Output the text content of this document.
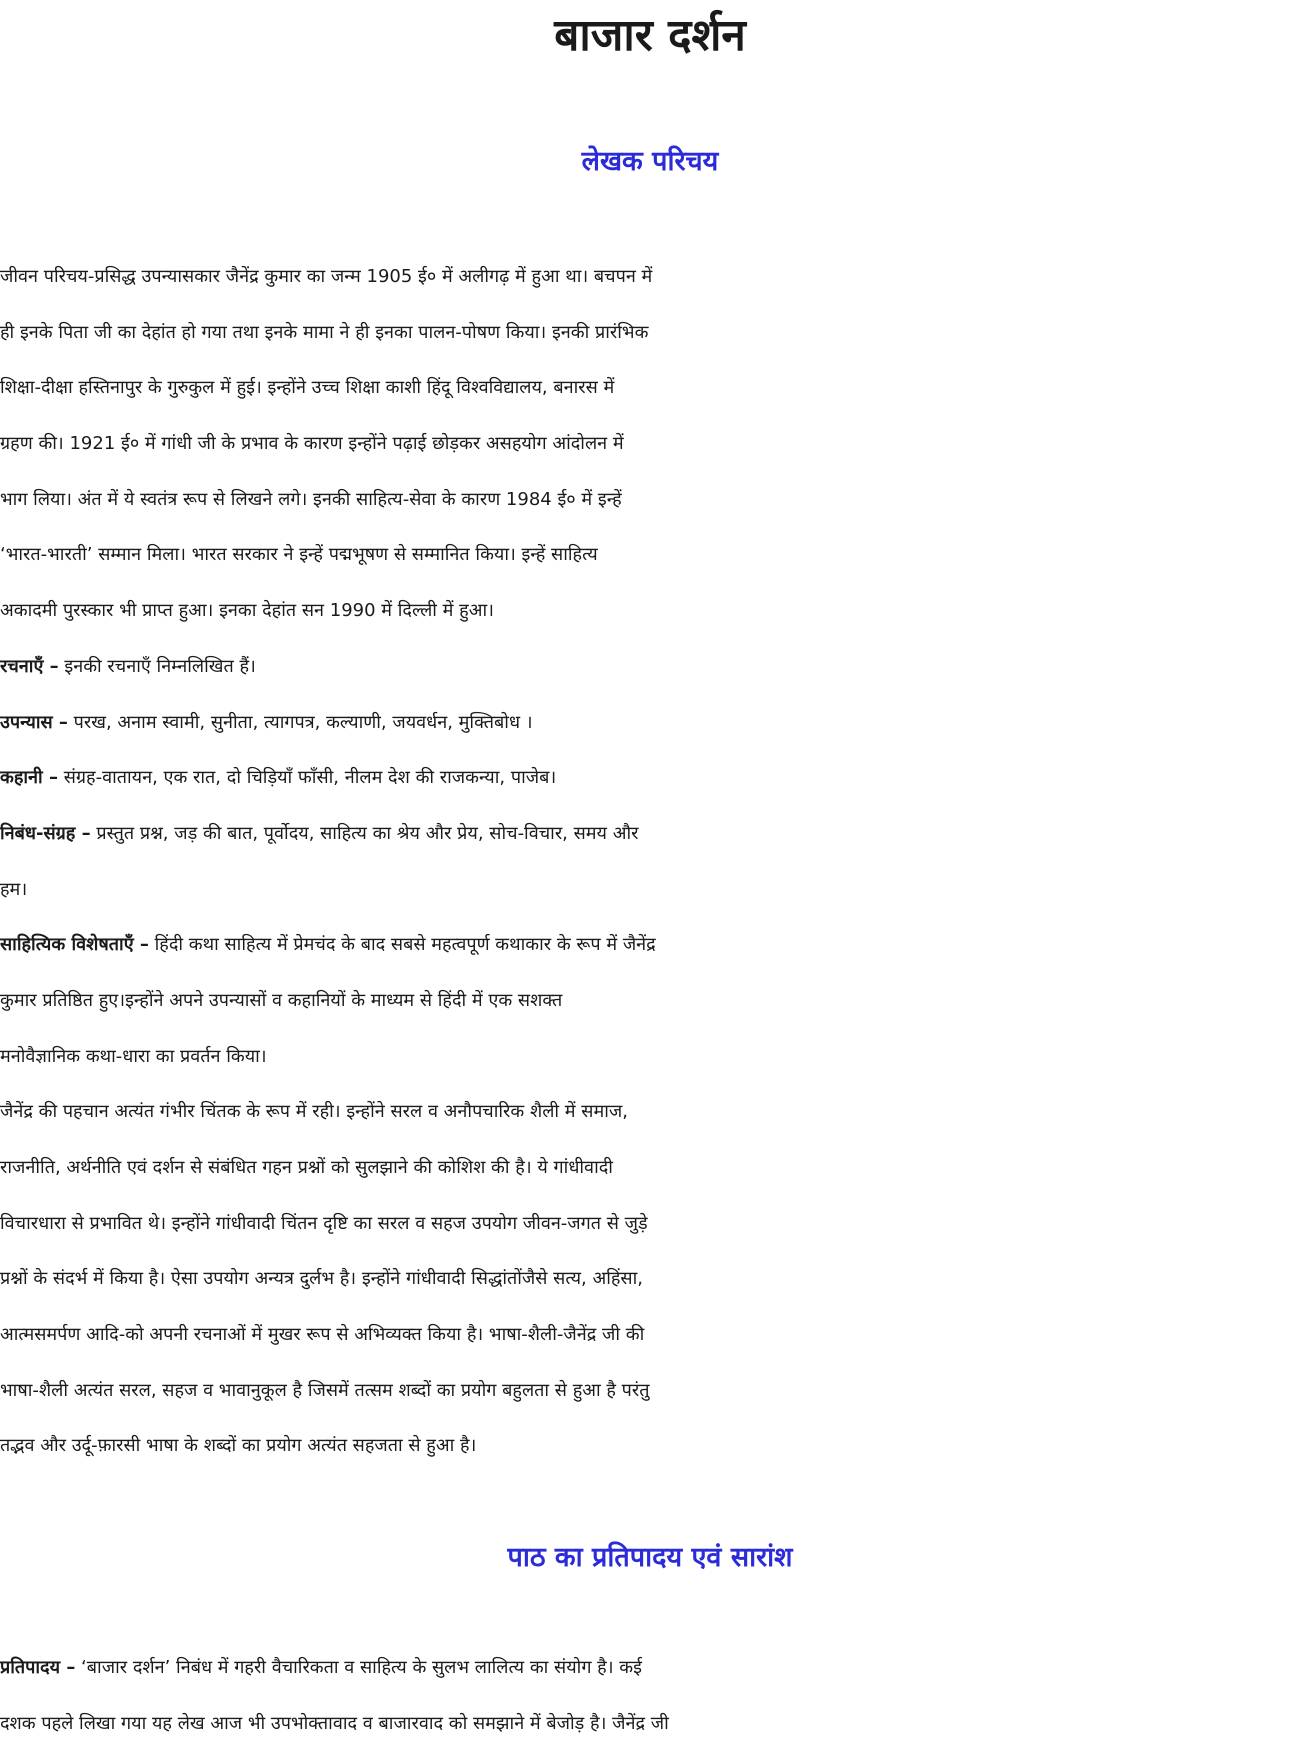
बाजार दर्शन
लेखक परिचय
जीवन परिचय-प्रसिद्ध उपन्यासकार जैनेंद्र कुमार का जन्म 1905 ई० में अलीगढ़ में हुआ था। बचपन में
ही इनके पिता जी का देहांत हो गया तथा इनके मामा ने ही इनका पालन-पोषण किया। इनकी प्रारंभिक
शिक्षा-दीक्षा हस्तिनापुर के गुरुकुल में हुई। इन्होंने उच्च शिक्षा काशी हिंदू विश्वविद्यालय, बनारस में
ग्रहण की। 1921 ई० में गांधी जी के प्रभाव के कारण इन्होंने पढ़ाई छोड़कर असहयोग आंदोलन में
भाग लिया। अंत में ये स्वतंत्र रूप से लिखने लगे। इनकी साहित्य-सेवा के कारण 1984 ई० में इन्हें
‘भारत-भारती’ सम्मान मिला। भारत सरकार ने इन्हें पद्मभूषण से सम्मानित किया। इन्हें साहित्य
अकादमी पुरस्कार भी प्राप्त हुआ। इनका देहांत सन 1990 में दिल्ली में हुआ।
रचनाएँ – इनकी रचनाएँ निम्नलिखित हैं।
उपन्यास – परख, अनाम स्वामी, सुनीता, त्यागपत्र, कल्याणी, जयवर्धन, मुक्तिबोध ।
कहानी – संग्रह-वातायन, एक रात, दो चिड़ियाँ फाँसी, नीलम देश की राजकन्या, पाजेब।
निबंध-संग्रह – प्रस्तुत प्रश्न, जड़ की बात, पूर्वोदय, साहित्य का श्रेय और प्रेय, सोच-विचार, समय और
हम।
साहित्यिक विशेषताएँ – हिंदी कथा साहित्य में प्रेमचंद के बाद सबसे महत्वपूर्ण कथाकार के रूप में जैनेंद्र
कुमार प्रतिष्ठित हुए।इन्होंने अपने उपन्यासों व कहानियों के माध्यम से हिंदी में एक सशक्त
मनोवैज्ञानिक कथा-धारा का प्रवर्तन किया।
जैनेंद्र की पहचान अत्यंत गंभीर चिंतक के रूप में रही। इन्होंने सरल व अनौपचारिक शैली में समाज,
राजनीति, अर्थनीति एवं दर्शन से संबंधित गहन प्रश्नों को सुलझाने की कोशिश की है। ये गांधीवादी
विचारधारा से प्रभावित थे। इन्होंने गांधीवादी चिंतन दृष्टि का सरल व सहज उपयोग जीवन-जगत से जुड़े
प्रश्नों के संदर्भ में किया है। ऐसा उपयोग अन्यत्र दुर्लभ है। इन्होंने गांधीवादी सिद्धांतोंजैसे सत्य, अहिंसा,
आत्मसमर्पण आदि-को अपनी रचनाओं में मुखर रूप से अभिव्यक्त किया है। भाषा-शैली-जैनेंद्र जी की
भाषा-शैली अत्यंत सरल, सहज व भावानुकूल है जिसमें तत्सम शब्दों का प्रयोग बहुलता से हुआ है परंतु
तद्भव और उर्दू-फ़ारसी भाषा के शब्दों का प्रयोग अत्यंत सहजता से हुआ है।
पाठ का प्रतिपादय एवं सारांश
प्रतिपादय – ‘बाजार दर्शन’ निबंध में गहरी वैचारिकता व साहित्य के सुलभ लालित्य का संयोग है। कई
दशक पहले लिखा गया यह लेख आज भी उपभोक्तावाद व बाजारवाद को समझाने में बेजोड़ है। जैनेंद्र जी
